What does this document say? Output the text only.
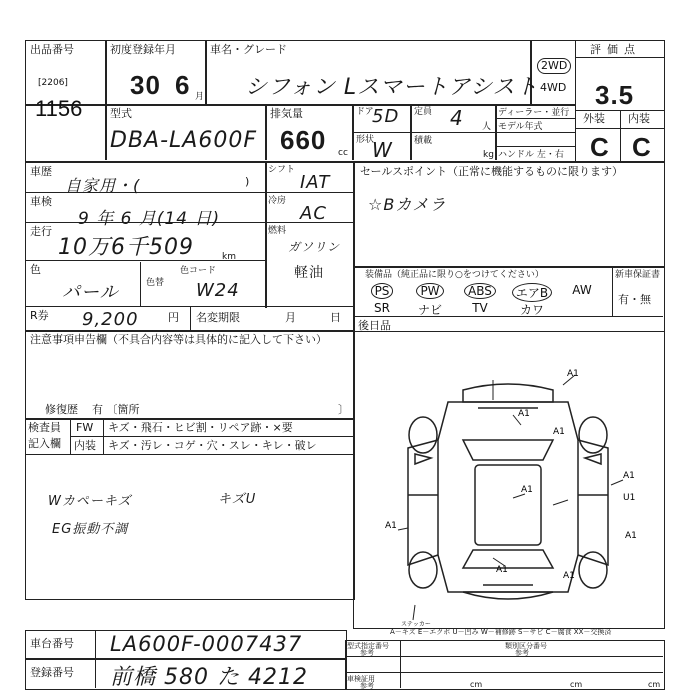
出品番号
[2206]
1156
初度登録年月
30 6 月
車名・グレード
シフォン Lスマートアシスト
2WD
4WD
評価点
3.5
外装 内装
C C
型式
DBA-LA600F
排気量
660 cc
ドア
5D
形状
W
定員 4 人
積載
kg
ディーラー・並行
モデル年式
ハンドル 左・右
車歴
自家用・(	)
シフト
IAT
車検
9 年 6 月(14 日)
冷房
AC
走行
10万6千509	km
燃料
ガソリン
軽油
色
パール	色替
色コード
W24
R券 9,200	円 名変期限	月	日
セールスポイント（正常に機能するものに限ります）
☆Bカメラ
装備品（純正品に限り○をつけてください）	新車保証書
有・無
PS	PW	ABS	エアB	AW
SR	ナビ	TV	カワ
後日品
注意事項申告欄（不具合内容等は具体的に記入して下さい）
修復歴 有 〔箇所	〕
検査員
記入欄
FW キズ・飛石・ヒビ割・リペア跡・×要
内装 キズ・汚レ・コゲ・穴・スレ・キレ・破レ
Wカペーキズ	キズU
EG振動不調
A1
A1
A1
A1
U1
A1
A1
A1
A1
A1
ステッカー
A－キズ E－エクボ U－凹み W－補修跡 S－サビ C－腐食 XX－交換済
車台番号 LA600F-0007437
登録番号 前橋 580 た 4212
型式指定番号
参考
類別区分番号
参考
車検証用
参考	cm	cm	cm
